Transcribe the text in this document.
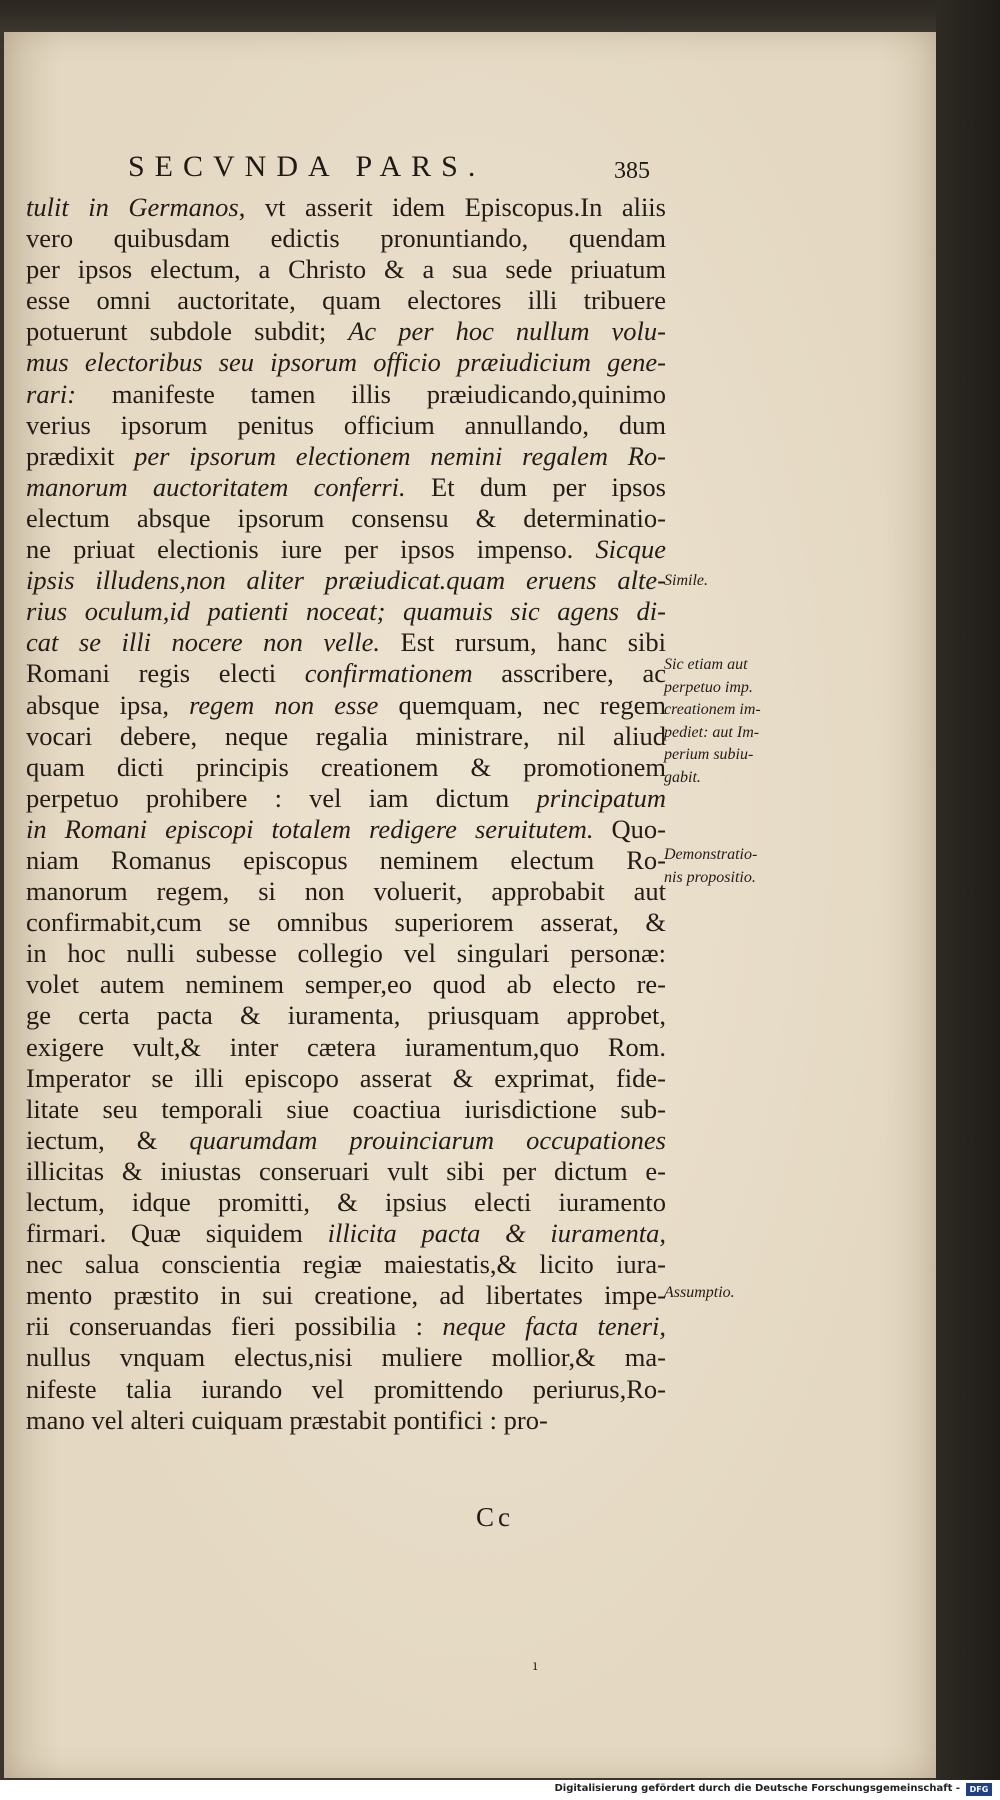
SECVNDA PARS.	385
tulit in Germanos, vt asserit idem Episcopus.In aliis
vero quibusdam edictis pronuntiando, quendam
per ipsos electum, a Christo & a sua sede priuatum
esse omni auctoritate, quam electores illi tribuere
potuerunt subdole subdit; Ac per hoc nullum volu-
mus electoribus seu ipsorum officio præiudicium gene-
rari: manifeste tamen illis præiudicando,quinimo
verius ipsorum penitus officium annullando, dum
prædixit per ipsorum electionem nemini regalem Ro-
manorum auctoritatem conferri. Et dum per ipsos
electum absque ipsorum consensu & determinatio-
ne priuat electionis iure per ipsos impenso. Sicque
ipsis illudens,non aliter præiudicat.quam eruens alte-
rius oculum,id patienti noceat; quamuis sic agens di-
cat se illi nocere non velle. Est rursum, hanc sibi
Romani regis electi confirmationem asscribere, ac
absque ipsa, regem non esse quemquam, nec regem
vocari debere, neque regalia ministrare, nil aliud
quam dicti principis creationem & promotionem
perpetuo prohibere : vel iam dictum principatum
in Romani episcopi totalem redigere seruitutem. Quo-
niam Romanus episcopus neminem electum Ro-
manorum regem, si non voluerit, approbabit aut
confirmabit,cum se omnibus superiorem asserat, &
in hoc nulli subesse collegio vel singulari personæ:
volet autem neminem semper,eo quod ab electo re-
ge certa pacta & iuramenta, priusquam approbet,
exigere vult,& inter cætera iuramentum,quo Rom.
Imperator se illi episcopo asserat & exprimat, fide-
litate seu temporali siue coactiua iurisdictione sub-
iectum, & quarumdam prouinciarum occupationes
illicitas & iniustas conseruari vult sibi per dictum e-
lectum, idque promitti, & ipsius electi iuramento
firmari. Quæ siquidem illicita pacta & iuramenta,
nec salua conscientia regiæ maiestatis,& licito iura-
mento præstito in sui creatione, ad libertates impe-
rii conseruandas fieri possibilia : neque facta teneri,
nullus vnquam electus,nisi muliere mollior,& ma-
nifeste talia iurando vel promittendo periurus,Ro-
mano vel alteri cuiquam præstabit pontifici : pro-
Simile.
Sic etiam aut
perpetuo imp.
creationem im-
pediet: aut Im-
perium subiu-
gabit.
Demonstratio-
nis propositio.
Assumptio.
Cc
ı
Digitalisierung gefördert durch die Deutsche Forschungsgemeinschaft -	DFG
